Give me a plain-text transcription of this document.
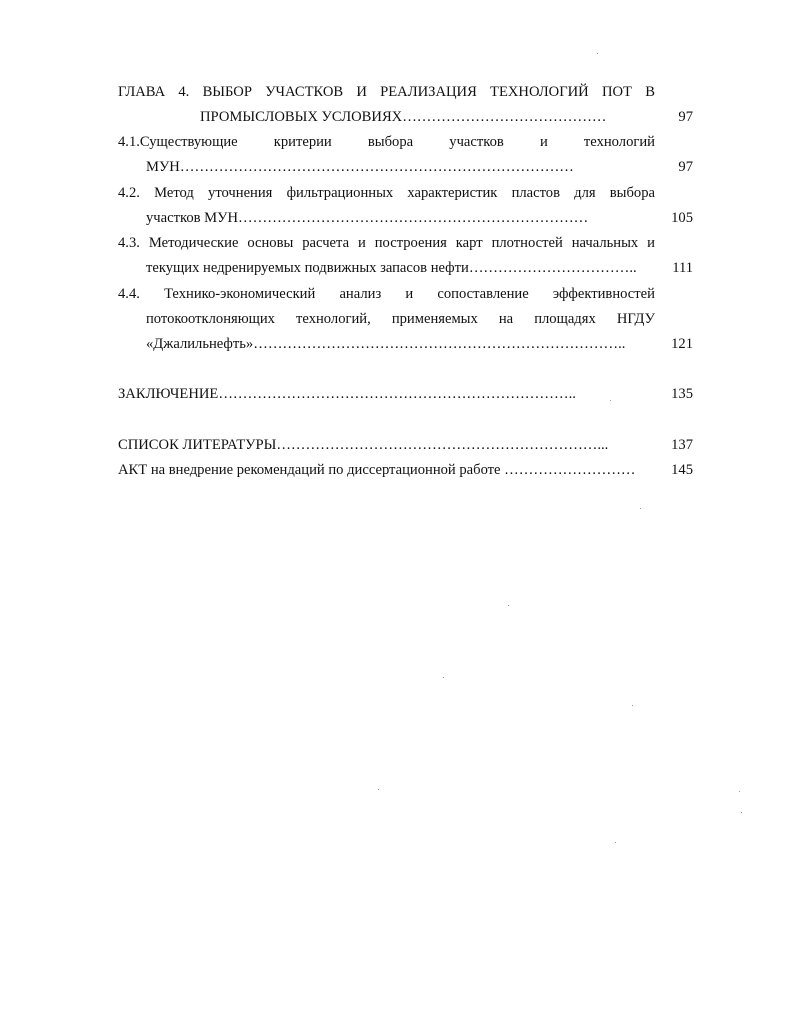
ГЛАВА 4. ВЫБОР УЧАСТКОВ И РЕАЛИЗАЦИЯ ТЕХНОЛОГИЙ ПОТ В
ПРОМЫСЛОВЫХ УСЛОВИЯХ……………………………………	97
4.1.Существующие критерии выбора участков и технологий
МУН………………………………………………………………………	97
4.2. Метод уточнения фильтрационных характеристик пластов для выбора
участков МУН………………………………………………………………	105
4.3. Методические основы расчета и построения карт плотностей начальных и
текущих недренируемых подвижных запасов нефти……………………………..	111
4.4. Технико-экономический анализ и сопоставление эффективностей
потокоотклоняющих технологий, применяемых на площадях НГДУ
«Джалильнефть»…………………………………………………………………..	121
ЗАКЛЮЧЕНИЕ………………………………………………………………..	135
СПИСОК ЛИТЕРАТУРЫ…………………………………………………………...	137
АКТ на внедрение рекомендаций по диссертационной работе ………………………	145
